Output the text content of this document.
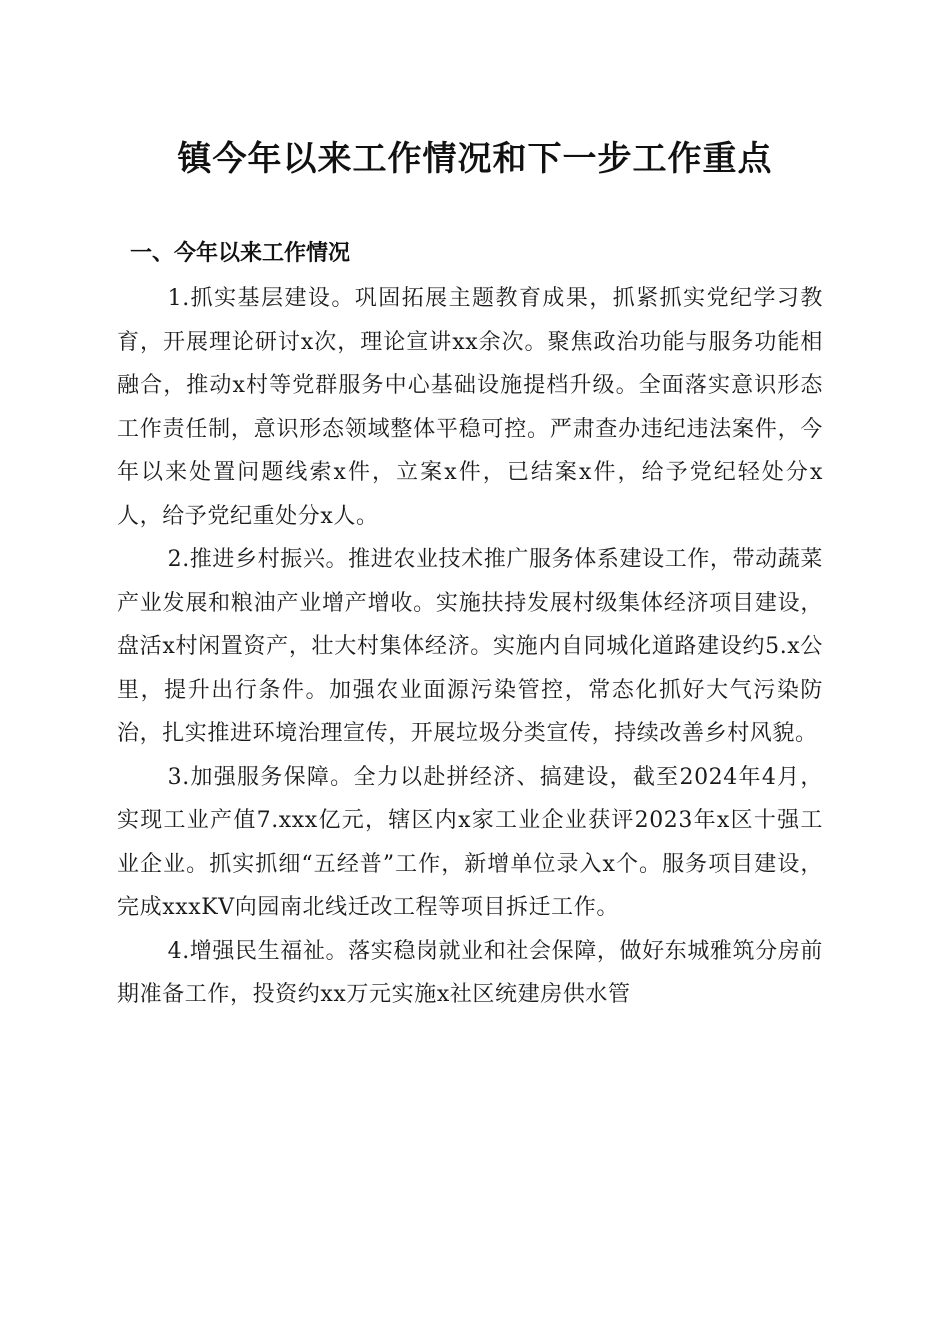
镇今年以来工作情况和下一步工作重点
一、今年以来工作情况

1.抓实基层建设。巩固拓展主题教育成果，抓紧抓实党纪学习教育，开展理论研讨x次，理论宣讲xx余次。聚焦政治功能与服务功能相融合，推动x村等党群服务中心基础设施提档升级。全面落实意识形态工作责任制，意识形态领域整体平稳可控。严肃查办违纪违法案件，今年以来处置问题线索x件，立案x件，已结案x件，给予党纪轻处分x人，给予党纪重处分x人。

2.推进乡村振兴。推进农业技术推广服务体系建设工作，带动蔬菜产业发展和粮油产业增产增收。实施扶持发展村级集体经济项目建设，盘活x村闲置资产，壮大村集体经济。实施内自同城化道路建设约5.x公里，提升出行条件。加强农业面源污染管控，常态化抓好大气污染防治，扎实推进环境治理宣传，开展垃圾分类宣传，持续改善乡村风貌。

3.加强服务保障。全力以赴拼经济、搞建设，截至2024年4月，实现工业产值7.xxx亿元，辖区内x家工业企业获评2023年x区十强工业企业。抓实抓细“五经普”工作，新增单位录入x个。服务项目建设，完成xxxKV向园南北线迁改工程等项目拆迁工作。

4.增强民生福祉。落实稳岗就业和社会保障，做好东城雅筑分房前期准备工作，投资约xx万元实施x社区统建房供水管
